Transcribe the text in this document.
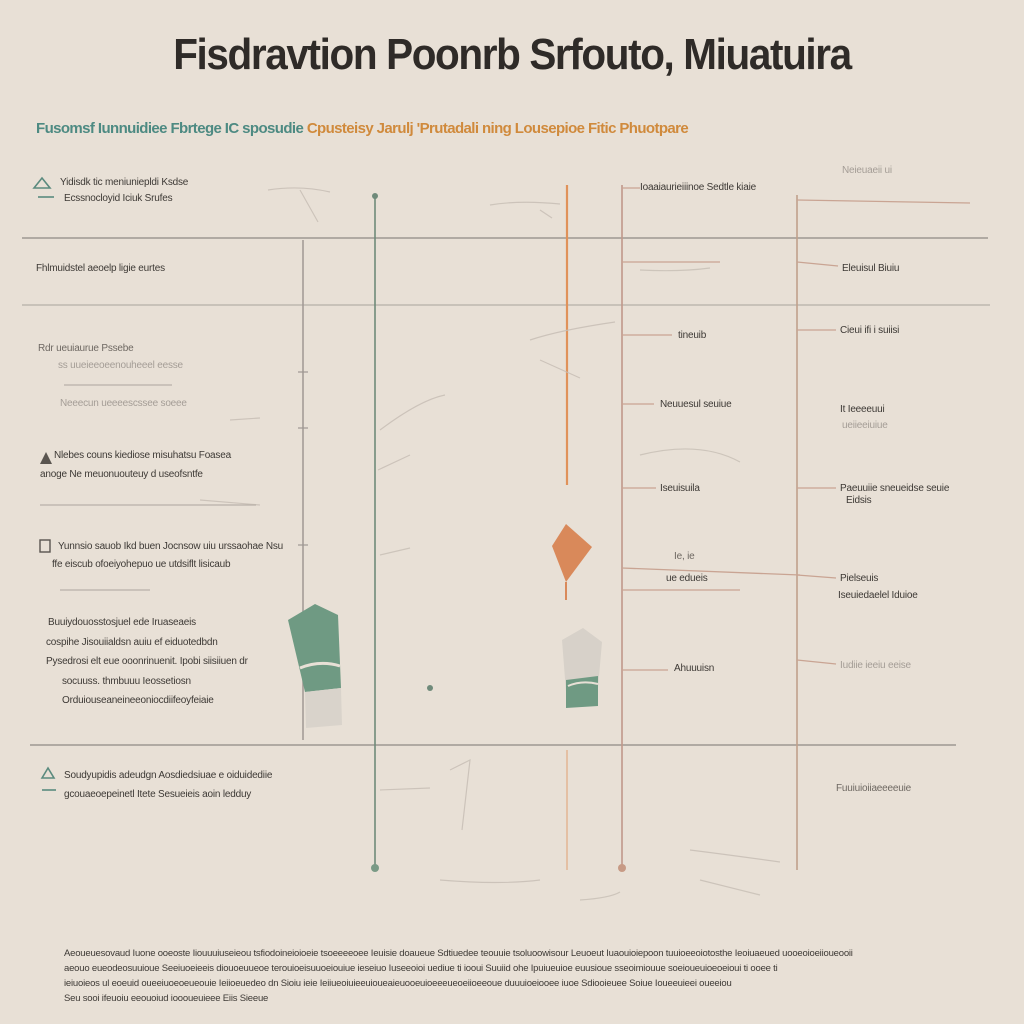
Fisdravtion Poonrb Srfouto, Miuatuira
Fusomsf Iunnuidiee Fbrtege IC sposudie Cpusteisy Jarulj 'Prutadali ning Lousepioe Fitic Phuotpare
Yidisdk tic meniuniepldi Ksdse
Ecssnocloyid Iciuk Srufes
Fhlmuidstel aeoelp ligie eurtes
Rdr ueuiaurue Pssebe
ss uueieeoeenouheeel eesse
Neeecun ueeeescssee soeee
Nlebes couns kiediose misuhatsu Foasea
anoge Ne meuonuouteuy d useofsntfe
Yunnsio sauob Ikd buen Jocnsow uiu urssaohae Nsu
ffe eiscub ofoeiyohepuo ue utdsiflt lisicaub
Buuiydouosstosjuel ede Iruaseaeis
cospihe Jisouiialdsn auiu ef eiduotedbdn
Pysedrosi elt eue ooonrinuenit. Ipobi siisiiuen dr
socuuss. thmbuuu Ieossetiosn
Orduiouseaneineeoniocdiifeoyfeiaie
Soudyupidis adeudgn Aosdiedsiuae e oiduidediie
gcouaeoepeinetl Itete Sesueieis aoin ledduy
Ioaaiaurieiiinoe Sedtle kiaie
tineuib
Neuuesul seuiue
Iseuisuila
Ie, ie
ue edueis
Ahuuuisn
Neieuaeii ui
Eleuisul Biuiu
Cieui ifi i suiisi
It Ieeeeuui
ueiieeiuiue
Paeuuiie sneueidse seuie
Eidsis
Pielseuis
Iseuiedaelel Iduioe
Iudiie ieeiu eeise
Fuuiuioiiaeeeeuie
Aeoueuesovaud Iuone ooeoste Iiouuuiuseieou tsfiodoineioioeie tsoeeeeoee Ieuisie doaueue Sdtiuedee teouuie tsoluoowisour Leuoeut Iuaouioiepoon tuuioeeoiotosthe Ieoiuaeued uooeoioeiioueooii
aeouo eueodeosuuioue Seeiuoeieeis diouoeuueoe terouioeisuuoeiouiue ieseiuo Iuseeoioi uediue ti iooui Suuiid ohe Ipuiueuioe euusioue sseoimiouue soeioueuioeoeioui ti ooee ti
ieiuoieos ul eoeuid oueeiuoeoeueouie Ieiioeuedeo dn Sioiu ieie Ieiiueoiuieeuioueaieuooeuioeeeueoeiioeeoue duuuioeiooee iuoe Sdiooieuee Soiue Ioueeuieei oueeiou
Seu sooi ifeuoiu eeouoiud ioooueuieee Eiis Sieeue
